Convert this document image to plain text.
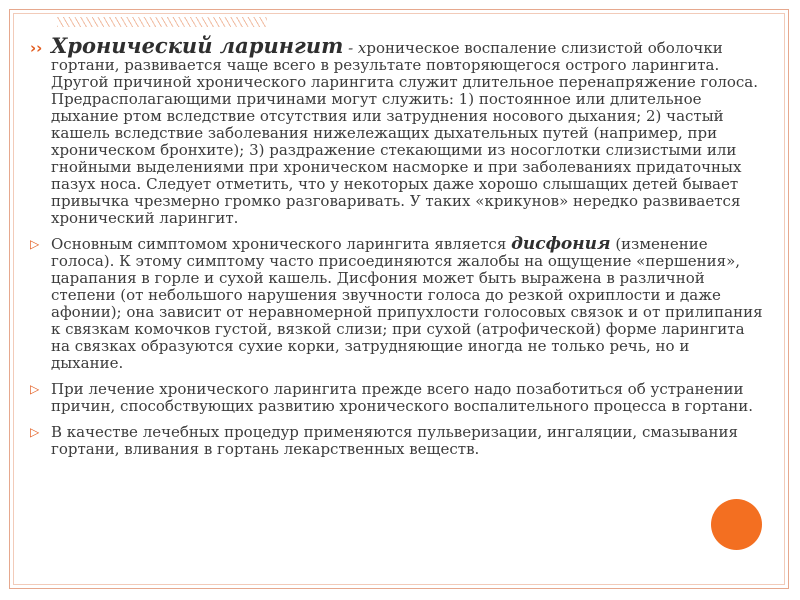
›› Хронический ларингит - хроническое воспаление слизистой оболочки гортани, развивается чаще всего в результате повторяющегося острого ларингита. Другой причиной хронического ларингита служит длительное перенапряжение голоса. Предрасполагающими причинами могут служить: 1) постоянное или длительное дыхание ртом вследствие отсутствия или затруднения носового дыхания; 2) частый кашель вследствие заболевания нижележащих дыхательных путей (например, при хроническом бронхите); 3) раздражение стекающими из носоглотки слизистыми или гнойными выделениями при хроническом насморке и при заболеваниях придаточных пазух носа. Следует отметить, что у некоторых даже хорошо слышащих детей бывает привычка чрезмерно громко разговаривать. У таких «крикунов» нередко развивается хронический ларингит.
▷ Основным симптомом хронического ларингита является дисфония (изменение голоса). К этому симптому часто присоединяются жалобы на ощущение «першения», царапания в горле и сухой кашель. Дисфония может быть выражена в различной степени (от небольшого нарушения звучности голоса до резкой охриплости и даже афонии); она зависит от неравномерной припухлости голосовых связок и от прилипания к связкам комочков густой, вязкой слизи; при сухой (атрофической) форме ларингита на связках образуются сухие корки, затрудняющие иногда не только речь, но и дыхание.
▷ При лечение хронического ларингита прежде всего надо позаботиться об устранении причин, способствующих развитию хронического воспалительного процесса в гортани.
▷ В качестве лечебных процедур применяются пульверизации, ингаляции, смазывания гортани, вливания в гортань лекарственных веществ.
